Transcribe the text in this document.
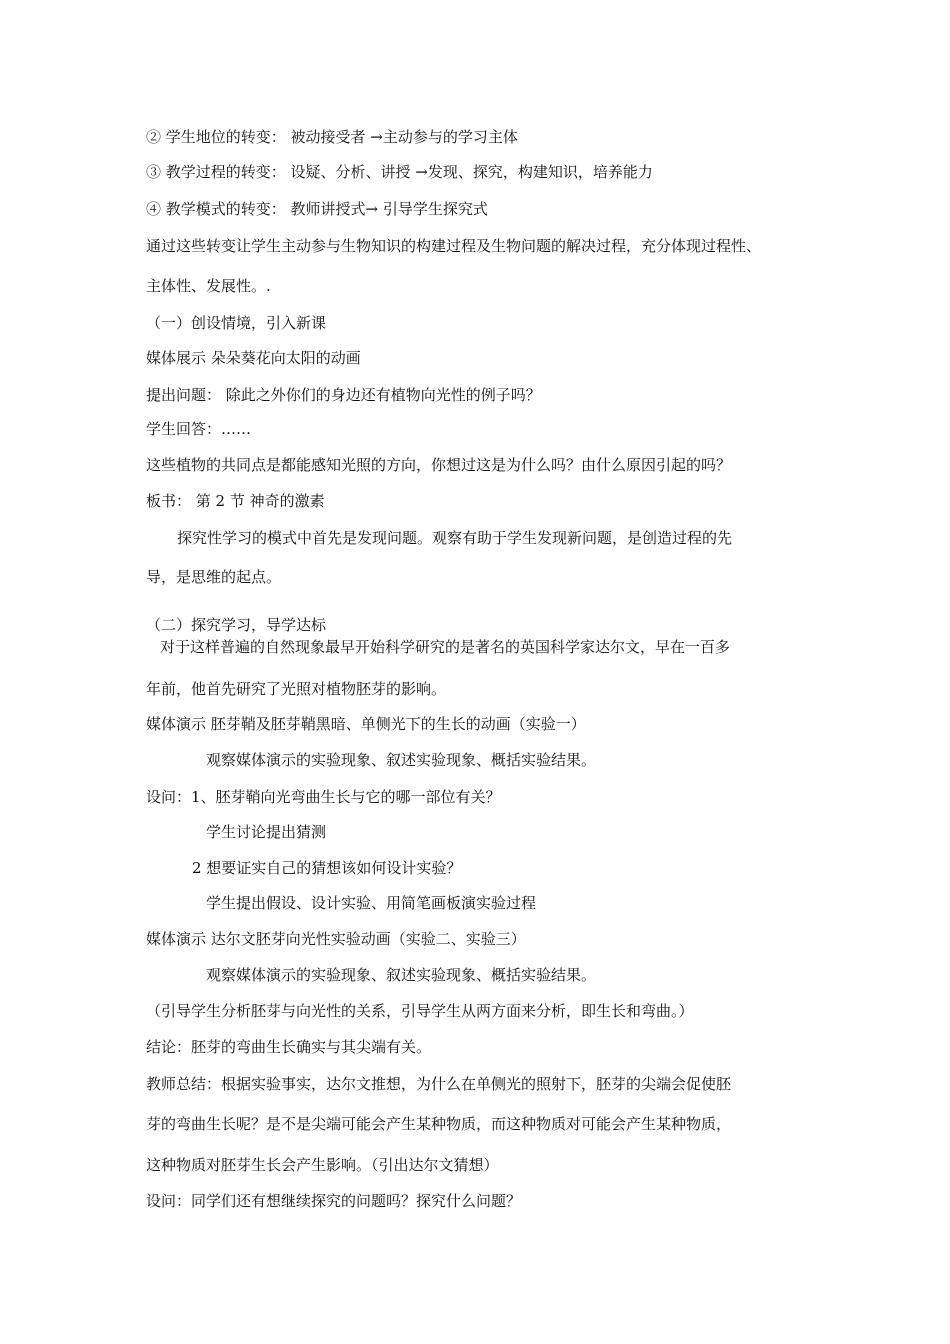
② 学生地位的转变： 被动接受者 →主动参与的学习主体
③ 教学过程的转变： 设疑、分析、讲授 →发现、探究，构建知识，培养能力
④ 教学模式的转变： 教师讲授式→ 引导学生探究式
通过这些转变让学生主动参与生物知识的构建过程及生物问题的解决过程，充分体现过程性、
主体性、发展性。.
（一）创设情境，引入新课
媒体展示 朵朵葵花向太阳的动画
提出问题： 除此之外你们的身边还有植物向光性的例子吗？
学生回答：……
这些植物的共同点是都能感知光照的方向，你想过这是为什么吗？由什么原因引起的吗？
板书： 第 2 节 神奇的激素
探究性学习的模式中首先是发现问题。观察有助于学生发现新问题，是创造过程的先
导，是思维的起点。
（二）探究学习，导学达标
对于这样普遍的自然现象最早开始科学研究的是著名的英国科学家达尔文，早在一百多
年前，他首先研究了光照对植物胚芽的影响。
媒体演示 胚芽鞘及胚芽鞘黑暗、单侧光下的生长的动画（实验一）
观察媒体演示的实验现象、叙述实验现象、概括实验结果。
设问：1、胚芽鞘向光弯曲生长与它的哪一部位有关？
学生讨论提出猜测
2 想要证实自己的猜想该如何设计实验？
学生提出假设、设计实验、用简笔画板演实验过程
媒体演示 达尔文胚芽向光性实验动画（实验二、实验三）
观察媒体演示的实验现象、叙述实验现象、概括实验结果。
（引导学生分析胚芽与向光性的关系，引导学生从两方面来分析，即生长和弯曲。）
结论：胚芽的弯曲生长确实与其尖端有关。
教师总结：根据实验事实，达尔文推想，为什么在单侧光的照射下，胚芽的尖端会促使胚
芽的弯曲生长呢？是不是尖端可能会产生某种物质，而这种物质对可能会产生某种物质，
这种物质对胚芽生长会产生影响。（引出达尔文猜想）
设问：同学们还有想继续探究的问题吗？探究什么问题？
